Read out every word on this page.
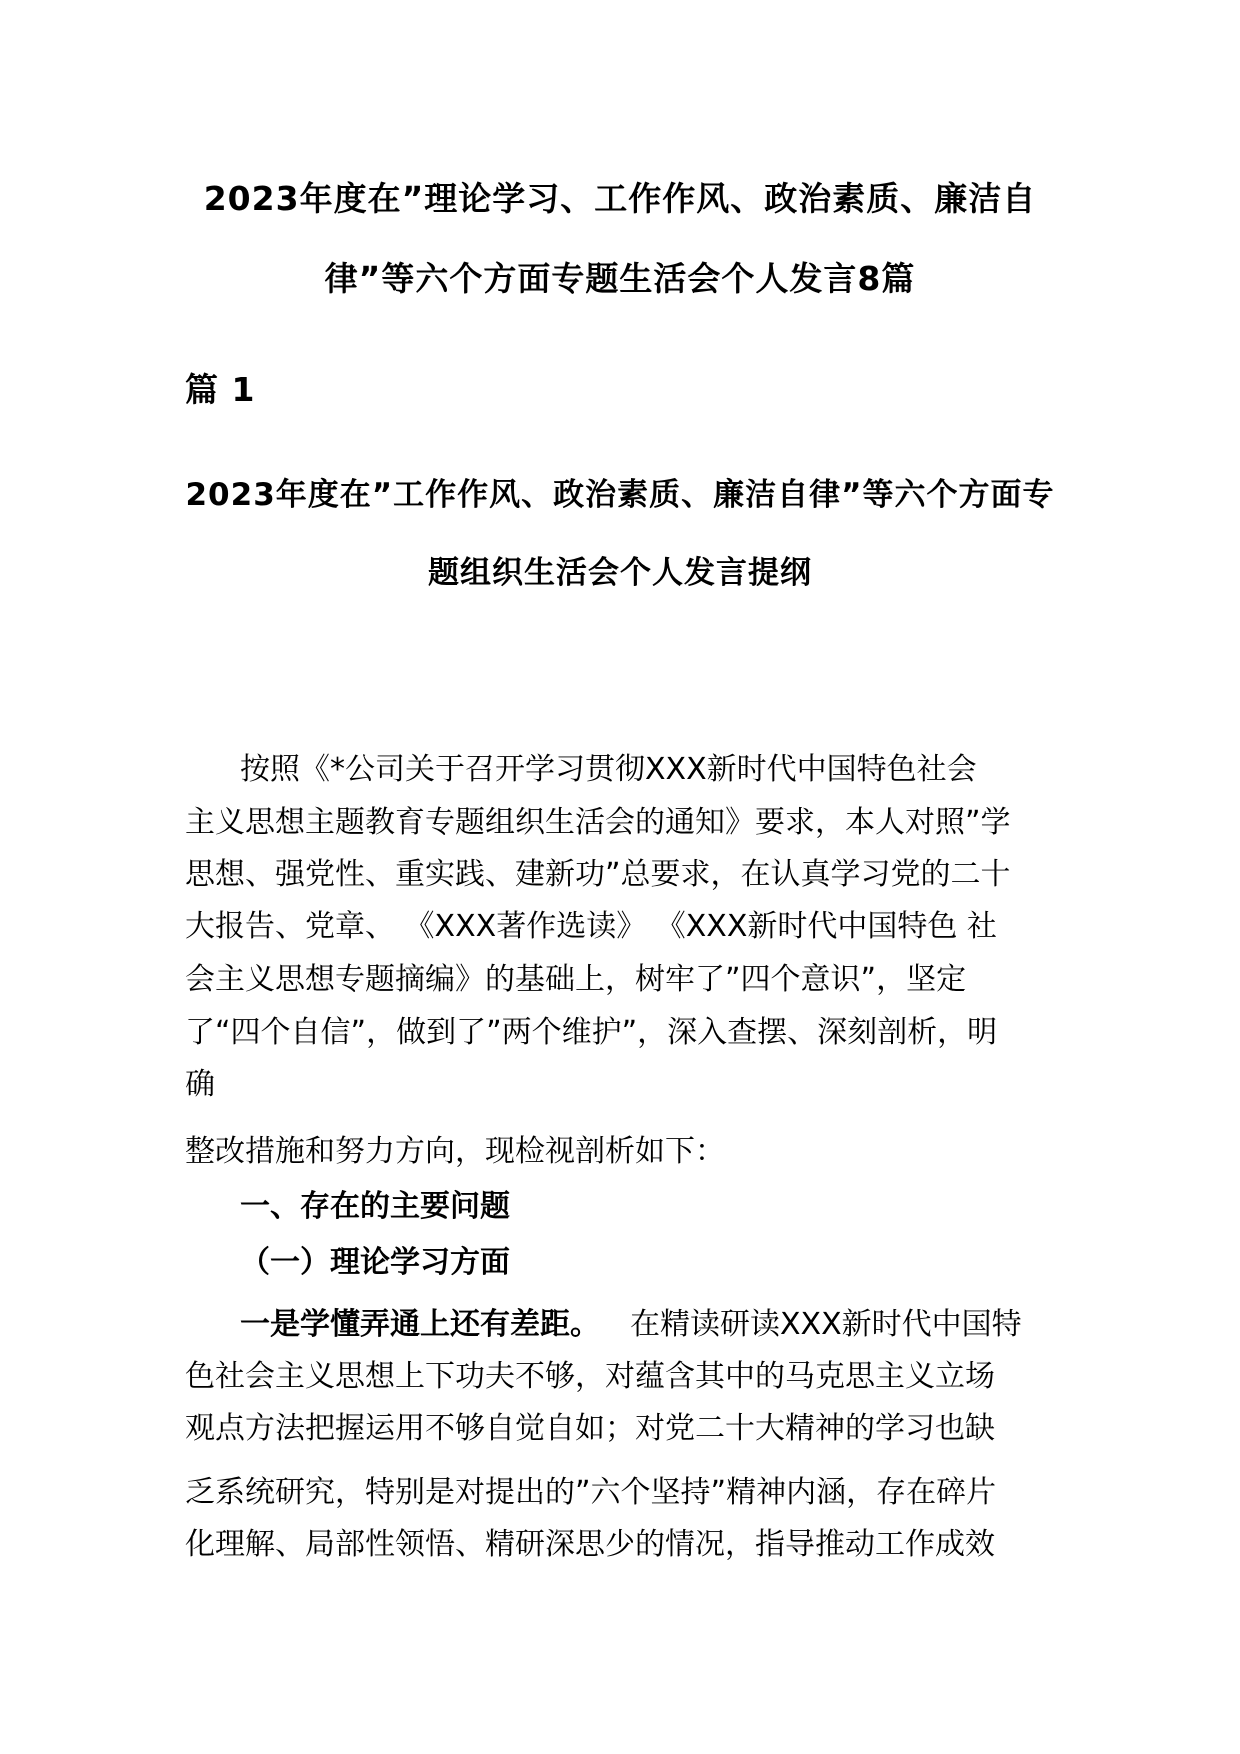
2023年度在”理论学习、工作作风、政治素质、廉洁自
律”等六个方面专题生活会个人发言8篇
篇 1
2023年度在”工作作风、政治素质、廉洁自律”等六个方面专
题组织生活会个人发言提纲
按照《*公司关于召开学习贯彻XXX新时代中国特色社会
主义思想主题教育专题组织生活会的通知》要求，本人对照”学
思想、强党性、重实践、建新功”总要求，在认真学习党的二十
大报告、党章、 《XXX著作选读》 《XXX新时代中国特色 社
会主义思想专题摘编》的基础上，树牢了”四个意识”，坚定
了“四个自信”，做到了”两个维护”，深入查摆、深刻剖析，明
确
整改措施和努力方向，现检视剖析如下：
一、存在的主要问题
（一）理论学习方面
一是学懂弄通上还有差距。 在精读研读XXX新时代中国特
色社会主义思想上下功夫不够，对蕴含其中的马克思主义立场
观点方法把握运用不够自觉自如；对党二十大精神的学习也缺
乏系统研究，特别是对提出的”六个坚持”精神内涵，存在碎片
化理解、局部性领悟、精研深思少的情况，指导推动工作成效
